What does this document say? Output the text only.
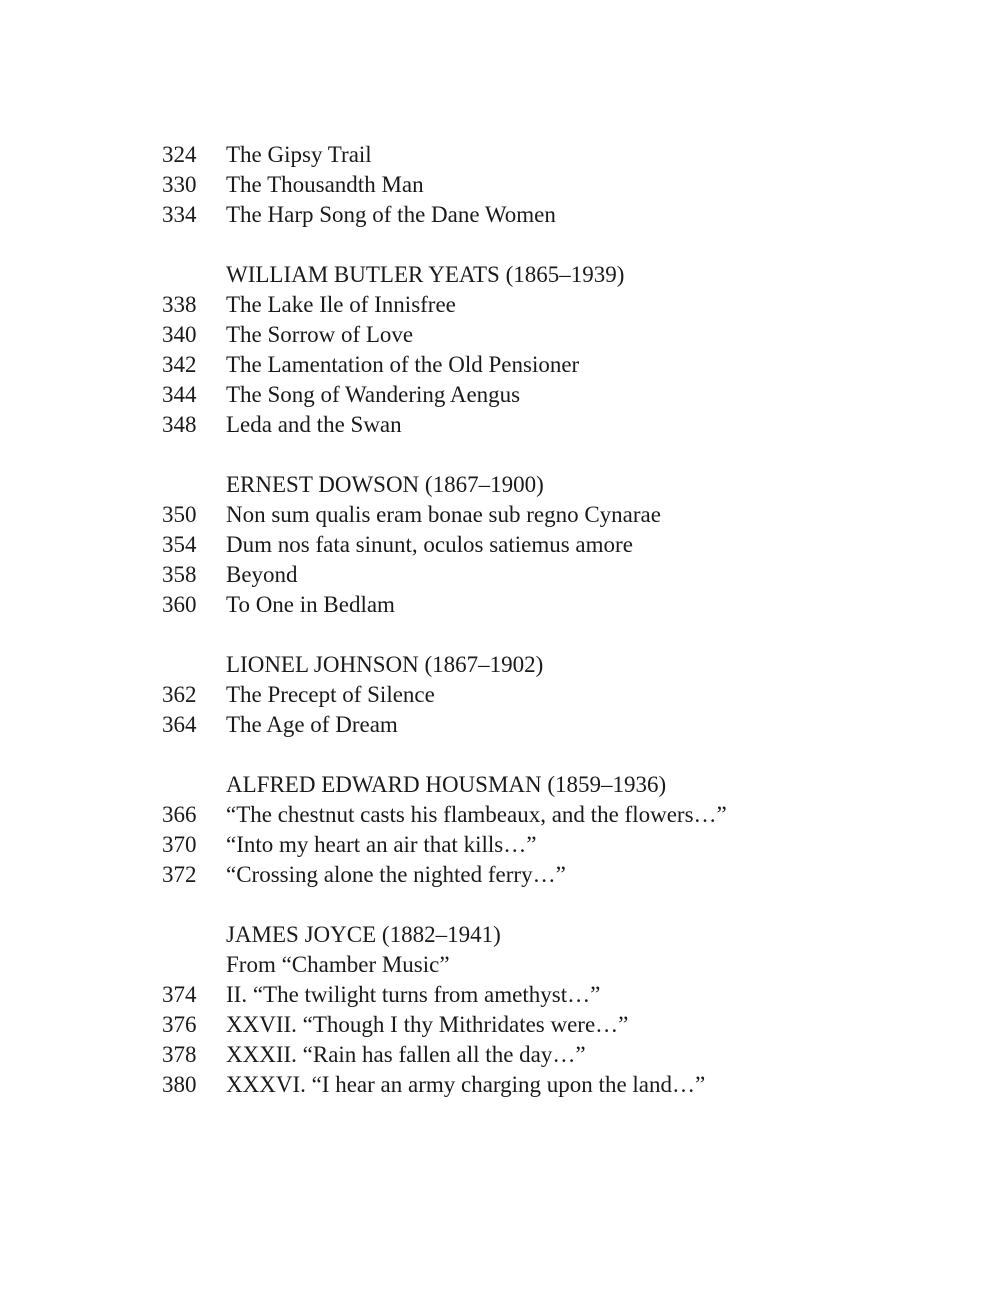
324 The Gipsy Trail
330 The Thousandth Man
334 The Harp Song of the Dane Women
WILLIAM BUTLER YEATS (1865–1939)
338 The Lake Ile of Innisfree
340 The Sorrow of Love
342 The Lamentation of the Old Pensioner
344 The Song of Wandering Aengus
348 Leda and the Swan
ERNEST DOWSON (1867–1900)
350 Non sum qualis eram bonae sub regno Cynarae
354 Dum nos fata sinunt, oculos satiemus amore
358 Beyond
360 To One in Bedlam
LIONEL JOHNSON (1867–1902)
362 The Precept of Silence
364 The Age of Dream
ALFRED EDWARD HOUSMAN (1859–1936)
366 “The chestnut casts his flambeaux, and the flowers…”
370 “Into my heart an air that kills…”
372 “Crossing alone the nighted ferry…”
JAMES JOYCE (1882–1941)
From “Chamber Music”
374 II. “The twilight turns from amethyst…”
376 XXVII. “Though I thy Mithridates were…”
378 XXXII. “Rain has fallen all the day…”
380 XXXVI. “I hear an army charging upon the land…”
